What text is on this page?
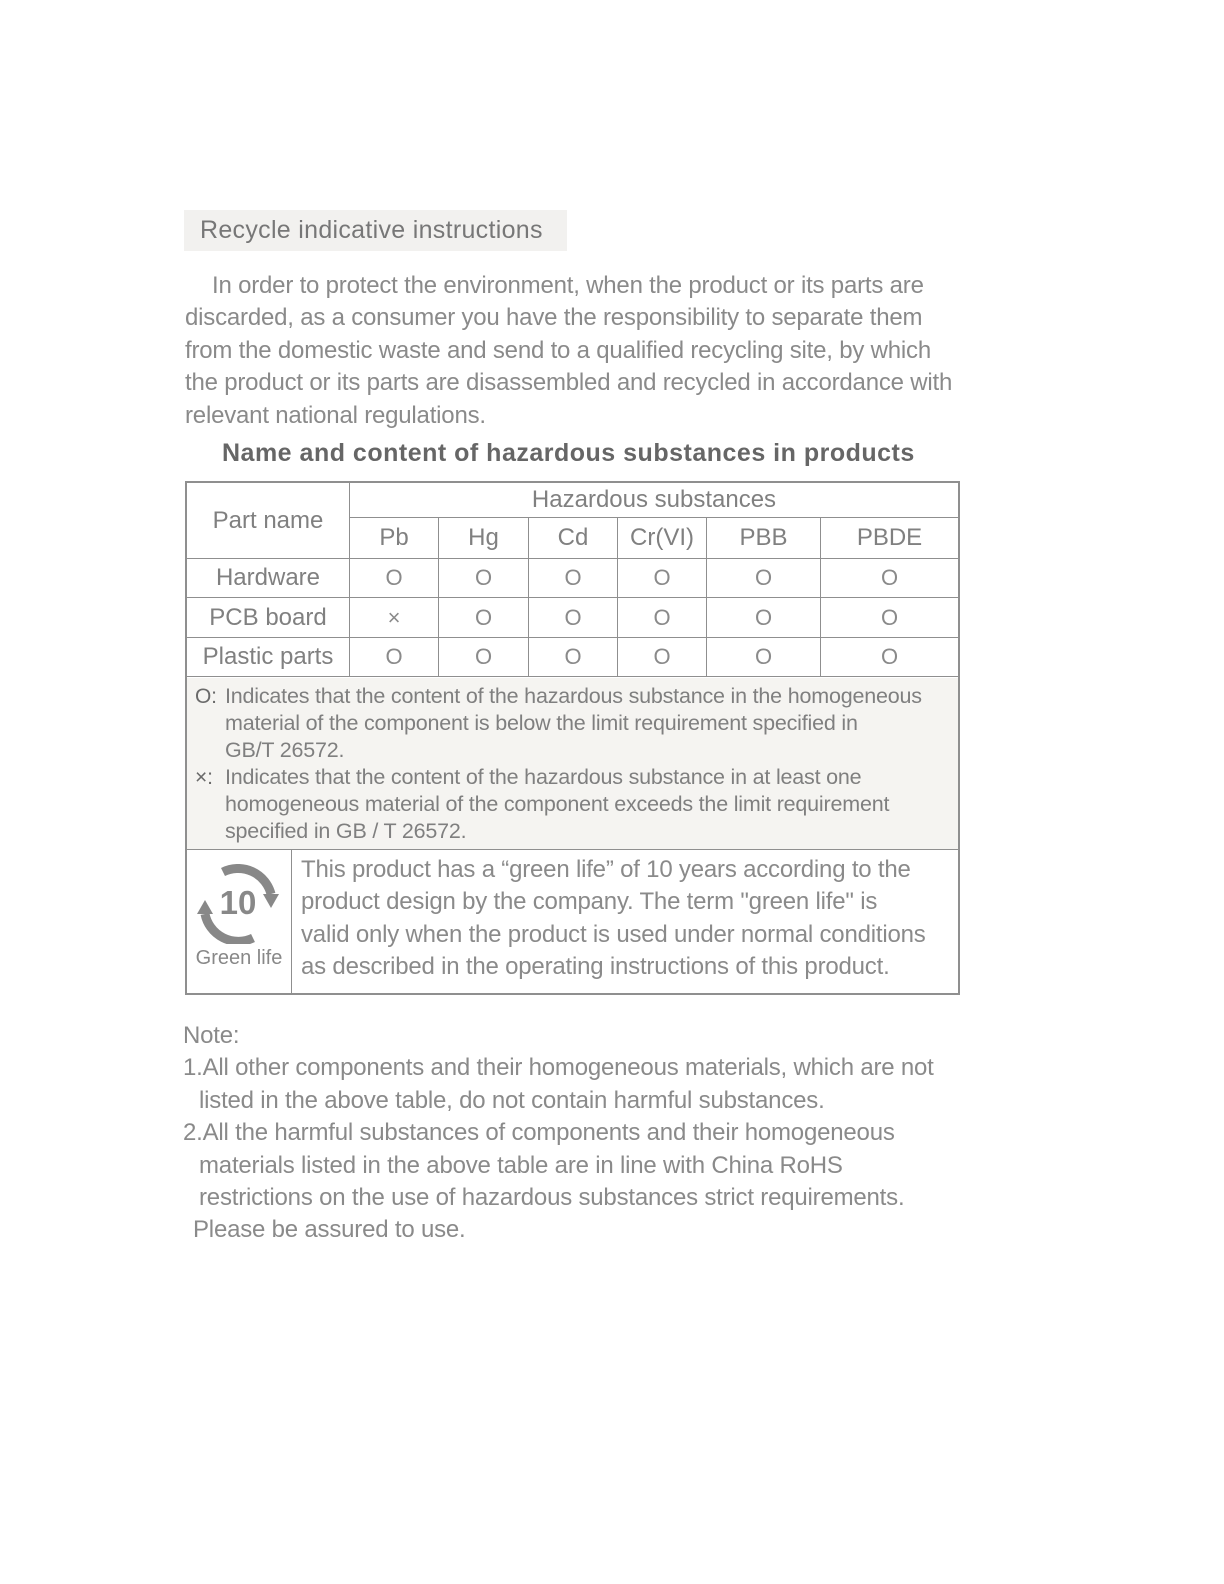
Recycle indicative instructions
In order to protect the environment, when the product or its parts are
discarded, as a consumer you have the responsibility to separate them
from the domestic waste and send to a qualified recycling site, by which
the product or its parts are disassembled and recycled in accordance with
relevant national regulations.
Name and content of hazardous substances in products
Part name
Hazardous substances
Pb	Hg	Cd	Cr(VI)	PBB	PBDE
Hardware	O	O	O	O	O	O
PCB board	×	O	O	O	O	O
Plastic parts	O	O	O	O	O	O
O: Indicates that the content of the hazardous substance in the homogeneous
material of the component is below the limit requirement specified in
GB/T 26572.
×: Indicates that the content of the hazardous substance in at least one
homogeneous material of the component exceeds the limit requirement
specified in GB / T 26572.
10
Green life
This product has a “green life” of 10 years according to the
product design by the company. The term "green life" is
valid only when the product is used under normal conditions
as described in the operating instructions of this product.
Note:
1.All other components and their homogeneous materials, which are not
listed in the above table, do not contain harmful substances.
2.All the harmful substances of components and their homogeneous
materials listed in the above table are in line with China RoHS
restrictions on the use of hazardous substances strict requirements.
Please be assured to use.
